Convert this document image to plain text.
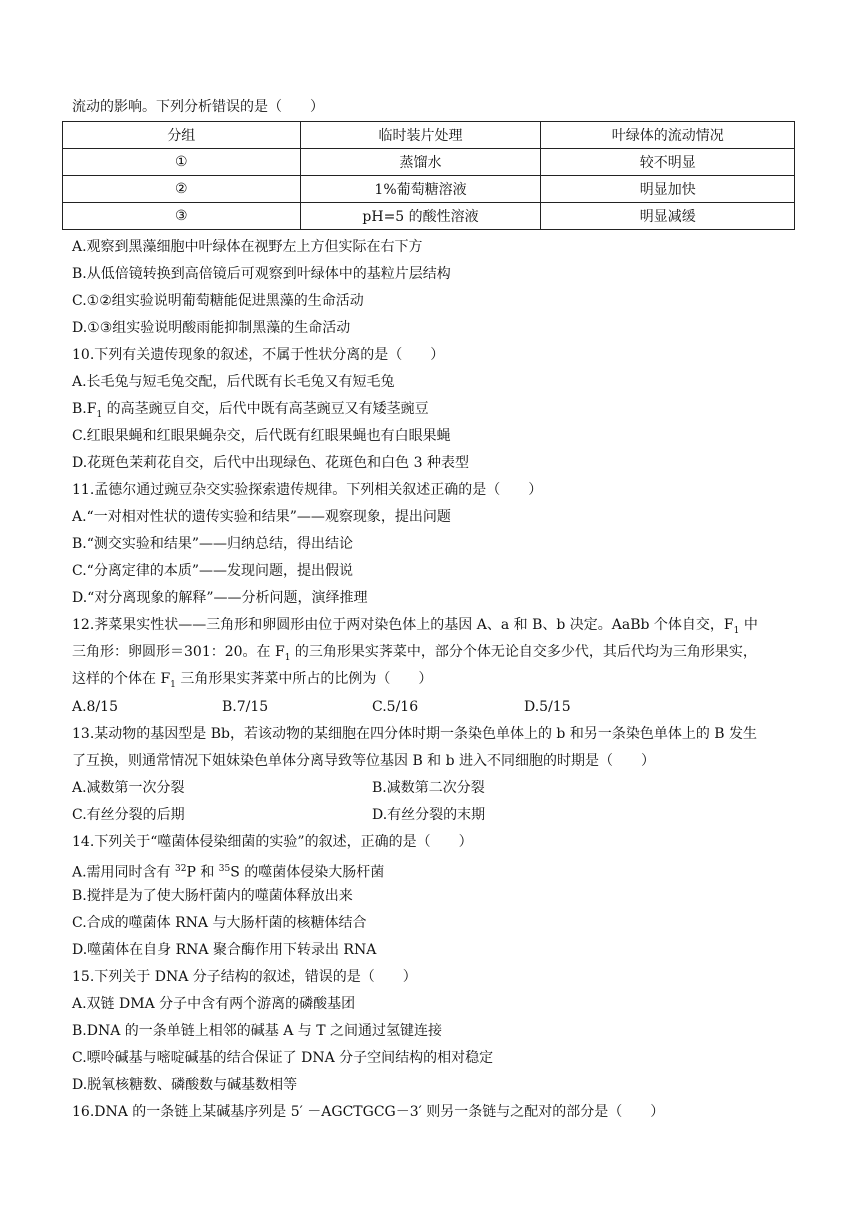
流动的影响。下列分析错误的是（　　）
分组	临时装片处理	叶绿体的流动情况
①	蒸馏水	较不明显
②	1%葡萄糖溶液	明显加快
③	pH=5 的酸性溶液	明显减缓
A.观察到黑藻细胞中叶绿体在视野左上方但实际在右下方
B.从低倍镜转换到高倍镜后可观察到叶绿体中的基粒片层结构
C.①②组实验说明葡萄糖能促进黑藻的生命活动
D.①③组实验说明酸雨能抑制黑藻的生命活动
10.下列有关遗传现象的叙述，不属于性状分离的是（　　）
A.长毛兔与短毛兔交配，后代既有长毛兔又有短毛兔
$B.F_1$ 的高茎豌豆自交，后代中既有高茎豌豆又有矮茎豌豆
C.红眼果蝇和红眼果蝇杂交，后代既有红眼果蝇也有白眼果蝇
D.花斑色茉莉花自交，后代中出现绿色、花斑色和白色 3 种表型
11.孟德尔通过豌豆杂交实验探索遗传规律。下列相关叙述正确的是（　　）
A.“一对相对性状的遗传实验和结果”——观察现象，提出问题
B.“测交实验和结果”——归纳总结，得出结论
C.“分离定律的本质”——发现问题，提出假说
D.“对分离现象的解释”——分析问题，演绎推理
12.荠菜果实性状——三角形和卵圆形由位于两对染色体上的基因 A、a 和 B、b 决定。AaBb 个体自交，$F_1$ 中
三角形：卵圆形＝301：20。在 $F_1$ 的三角形果实荠菜中，部分个体无论自交多少代，其后代均为三角形果实，
这样的个体在 $F_1$ 三角形果实荠菜中所占的比例为（　　）
A.8/15	B.7/15	C.5/16	D.5/15
13.某动物的基因型是 Bb，若该动物的某细胞在四分体时期一条染色单体上的 b 和另一条染色单体上的 B 发生
了互换，则通常情况下姐妹染色单体分离导致等位基因 B 和 b 进入不同细胞的时期是（　　）
A.减数第一次分裂	B.减数第二次分裂
C.有丝分裂的后期	D.有丝分裂的末期
14.下列关于“噬菌体侵染细菌的实验”的叙述，正确的是（　　）
A.需用同时含有 $^{32}$P 和 $^{35}$S 的噬菌体侵染大肠杆菌
B.搅拌是为了使大肠杆菌内的噬菌体释放出来
C.合成的噬菌体 RNA 与大肠杆菌的核糖体结合
D.噬菌体在自身 RNA 聚合酶作用下转录出 RNA
15.下列关于 DNA 分子结构的叙述，错误的是（　　）
A.双链 DMA 分子中含有两个游离的磷酸基团
B.DNA 的一条单链上相邻的碱基 A 与 T 之间通过氢键连接
C.嘌呤碱基与嘧啶碱基的结合保证了 DNA 分子空间结构的相对稳定
D.脱氧核糖数、磷酸数与碱基数相等
16.DNA 的一条链上某碱基序列是 5′ －AGCTGCG－3′ 则另一条链与之配对的部分是（　　）
